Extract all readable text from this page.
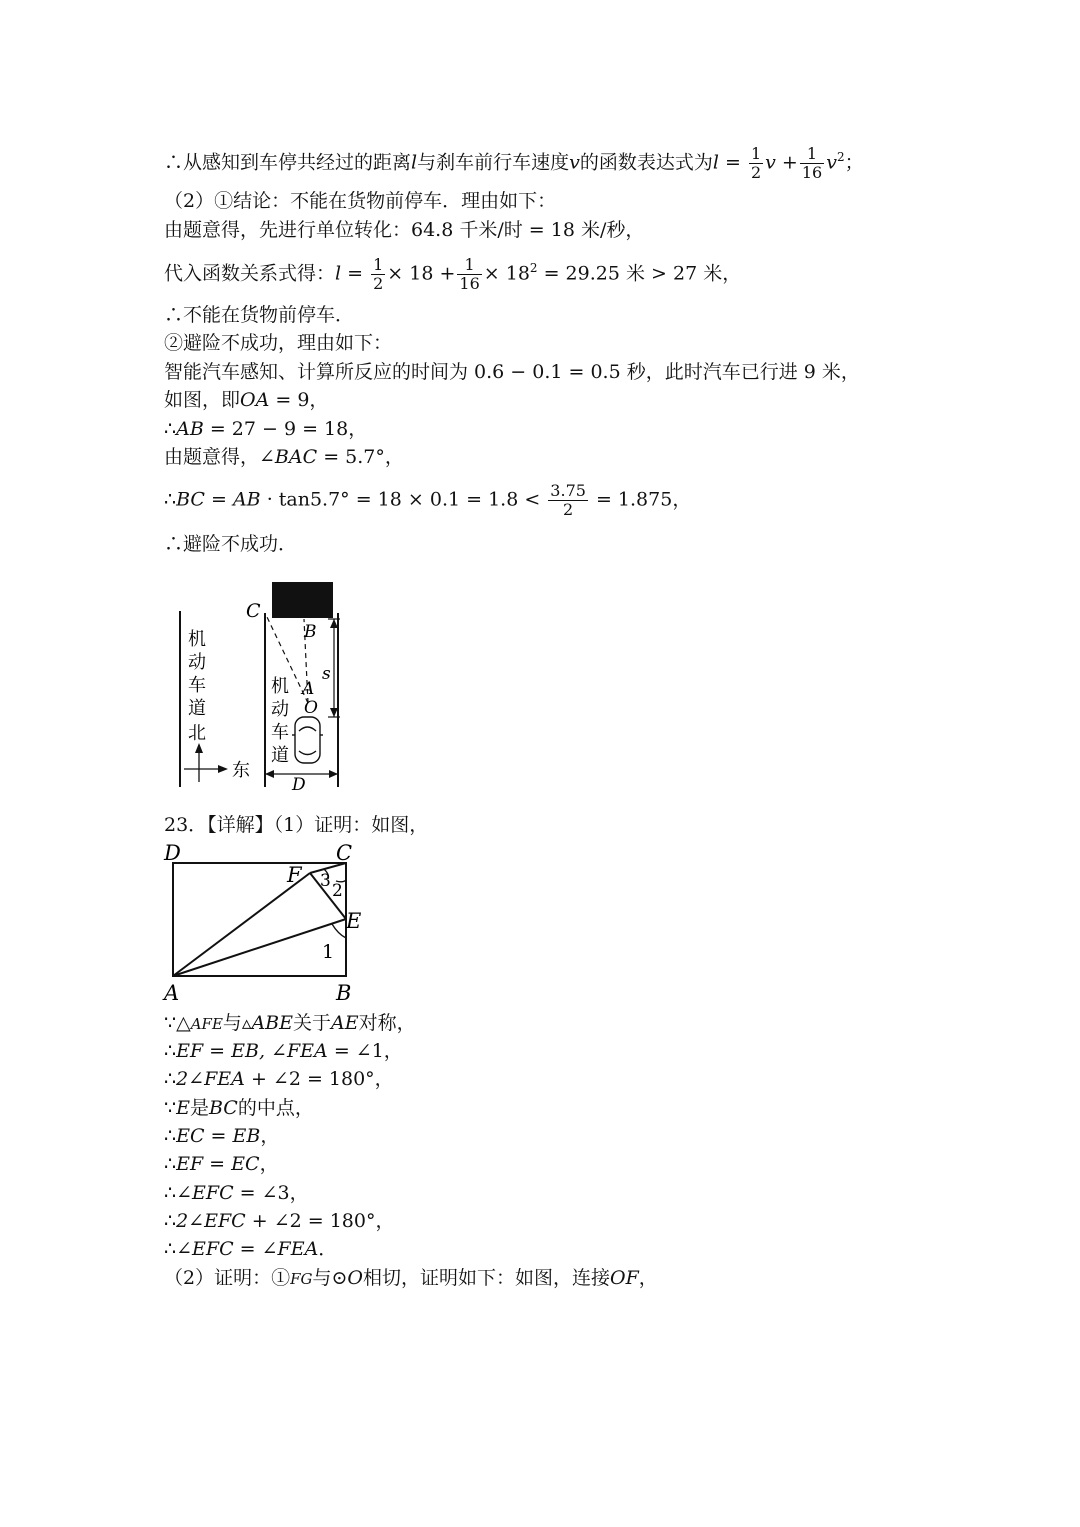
∴从感知到车停共经过的距离l与刹车前行车速度v的函数表达式为$l = \frac{1}{2}$ $v + \frac{1}{16} v^2$；
（2）①结论：不能在货物前停车．理由如下：
由题意得，先进行单位转化：64.8 千米/时 = 18 米/秒，
代入函数关系式得：$l = \frac{1}{2} \times 18 + \frac{1}{16} \times 18^2 = 29.25$ 米 > 27 米，
∴不能在货物前停车．
②避险不成功，理由如下：
智能汽车感知、计算所反应的时间为 0.6 − 0.1 = 0.5 秒，此时汽车已行进 9 米，
如图，即OA = 9，
∴AB = 27 − 9 = 18，
由题意得，∠BAC = 5.7°，
∴BC = AB · $\tan 5.7^\circ = 18 \times 0.1 = 1.8 < \frac{3.75}{2} = 1.875$，
∴避险不成功．
C
B
A
O
s
D
东
机
动
车
道
北
机
动
车
道
23．【详解】（1）证明：如图，
D	C
F
E
A	B
1
2
3
∵△AFE与▵ABE关于AE对称，
∴EF = EB, ∠FEA = ∠1，
∴2∠FEA + ∠2 = 180°，
∵E是BC的中点，
∴EC = EB，
∴EF = EC，
∴∠EFC = ∠3，
∴2∠EFC + ∠2 = 180°，
∴∠EFC = ∠FEA．
（2）证明：①FG与⊙O相切，证明如下：如图，连接OF，
